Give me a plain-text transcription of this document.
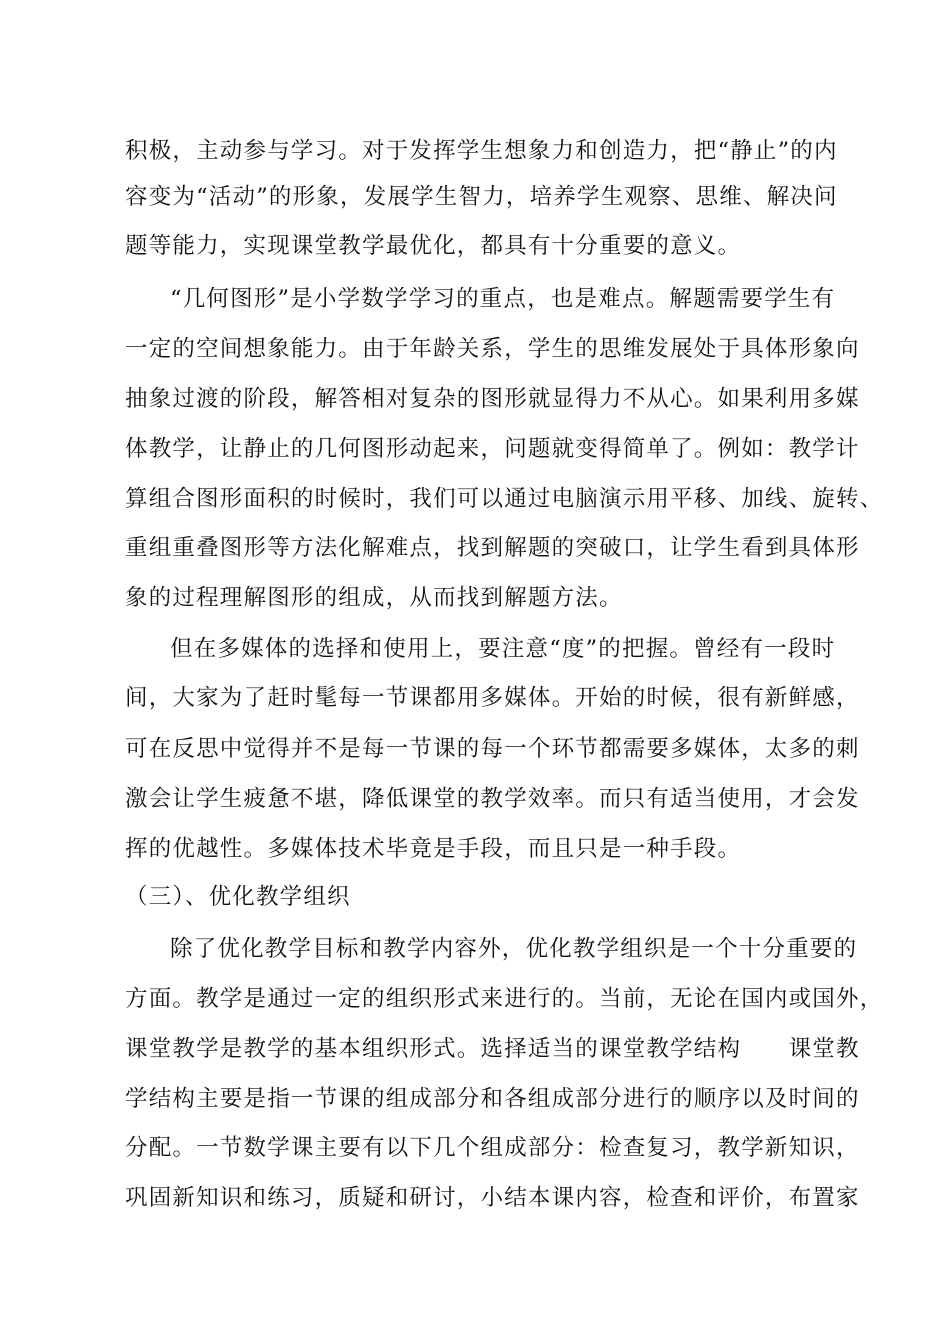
积极，主动参与学习。对于发挥学生想象力和创造力，把“静止”的内
容变为“活动”的形象，发展学生智力，培养学生观察、思维、解决问
题等能力，实现课堂教学最优化，都具有十分重要的意义。
“几何图形”是小学数学学习的重点，也是难点。解题需要学生有
一定的空间想象能力。由于年龄关系，学生的思维发展处于具体形象向
抽象过渡的阶段，解答相对复杂的图形就显得力不从心。如果利用多媒
体教学，让静止的几何图形动起来，问题就变得简单了。例如：教学计
算组合图形面积的时候时，我们可以通过电脑演示用平移、加线、旋转、
重组重叠图形等方法化解难点，找到解题的突破口，让学生看到具体形
象的过程理解图形的组成，从而找到解题方法。
但在多媒体的选择和使用上，要注意“度”的把握。曾经有一段时
间，大家为了赶时髦每一节课都用多媒体。开始的时候，很有新鲜感，
可在反思中觉得并不是每一节课的每一个环节都需要多媒体，太多的刺
激会让学生疲惫不堪，降低课堂的教学效率。而只有适当使用，才会发
挥的优越性。多媒体技术毕竟是手段，而且只是一种手段。
（三）、优化教学组织
除了优化教学目标和教学内容外，优化教学组织是一个十分重要的
方面。教学是通过一定的组织形式来进行的。当前，无论在国内或国外，
课堂教学是教学的基本组织形式。选择适当的课堂教学结构　　课堂教
学结构主要是指一节课的组成部分和各组成部分进行的顺序以及时间的
分配。一节数学课主要有以下几个组成部分：检查复习，教学新知识，
巩固新知识和练习，质疑和研讨，小结本课内容，检查和评价，布置家
